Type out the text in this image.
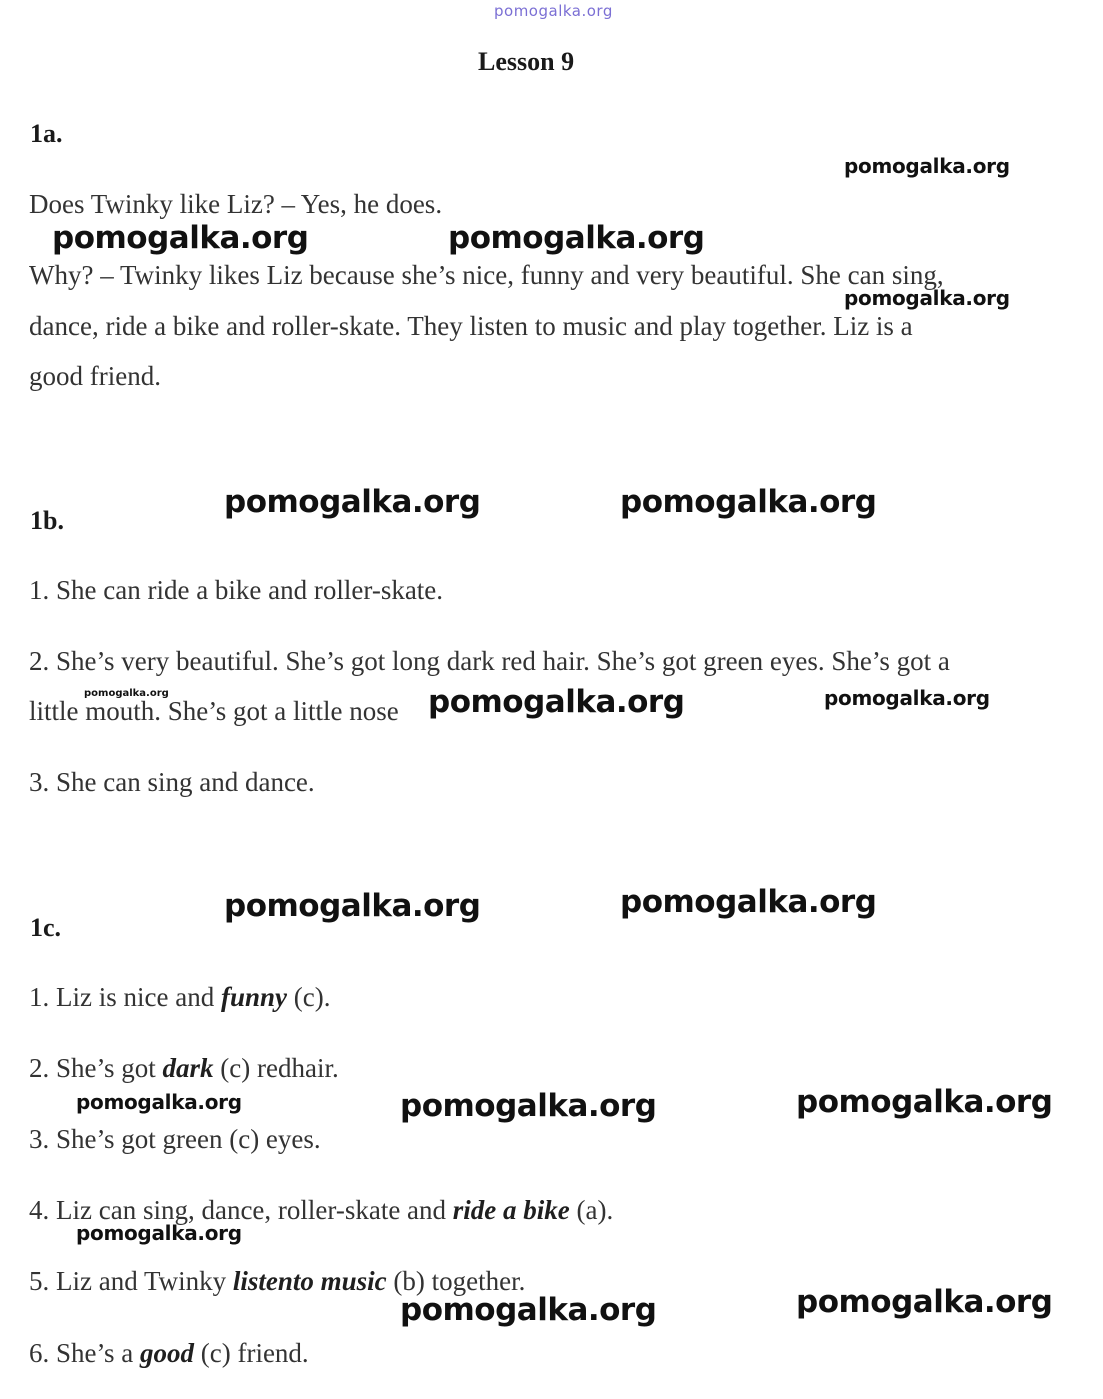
pomogalka.org
Lesson 9
1a.
Does Twinky like Liz? – Yes, he does.
Why? – Twinky likes Liz because she’s nice, funny and very beautiful. She can sing,
dance, ride a bike and roller-skate. They listen to music and play together. Liz is a
good friend.
1b.
1. She can ride a bike and roller-skate.
2. She’s very beautiful. She’s got long dark red hair. She’s got green eyes. She’s got a
little mouth. She’s got a little nose
3. She can sing and dance.
1c.
1. Liz is nice and funny (c).
2. She’s got dark (c) redhair.
3. She’s got green (c) eyes.
4. Liz can sing, dance, roller-skate and ride a bike (a).
5. Liz and Twinky listento music (b) together.
6. She’s a good (c) friend.
pomogalka.org
pomogalka.org	pomogalka.org
pomogalka.org
pomogalka.org	pomogalka.org
pomogalka.org	pomogalka.org	pomogalka.org
pomogalka.org	pomogalka.org
pomogalka.org	pomogalka.org	pomogalka.org
pomogalka.org
pomogalka.org	pomogalka.org
